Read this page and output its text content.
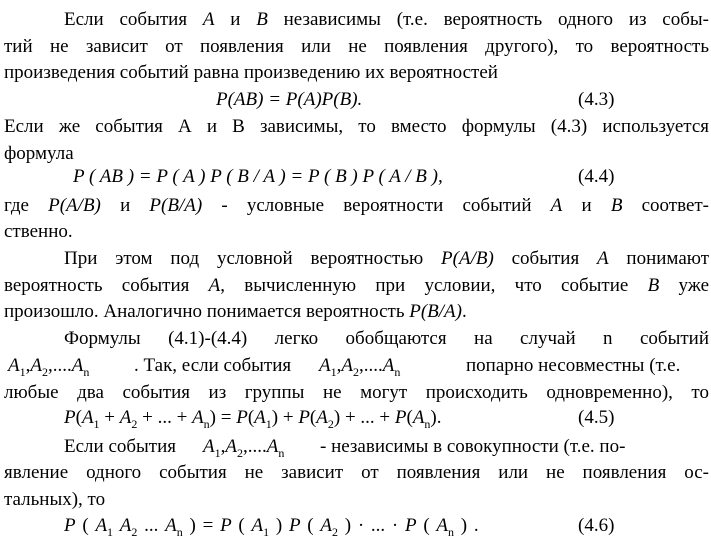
Если события A и B независимы (т.е. вероятность одного из собы-
тий не зависит от появления или не появления другого), то вероятность
произведения событий равна произведению их вероятностей
P(AB) = P(A)P(B).	(4.3)
Если же события А и В зависимы, то вместо формулы (4.3) используется
формула
P ( AB ) = P ( A ) P ( B / A ) = P ( B ) P ( A / B ),	(4.4)
где P(A/B) и P(B/A) - условные вероятности событий A и B соответ-
ственно.
При этом под условной вероятностью P(A/B) события A понимают
вероятность события A, вычисленную при условии, что событие B уже
произошло. Аналогично понимается вероятность P(B/A).
Формулы (4.1)-(4.4) легко обобщаются на случай n событий
$A_1,A_2,....A_n$ . Так, если события $A_1,A_2,....A_n$	попарно несовместны (т.е.
любые два события из группы не могут происходить одновременно), то
$P(A_1 + A_2$ + ... + $A_n) = P(A_1) + P(A_2)$ + ... + $P(A_n)$.	(4.5)
Если события $A_1,A_2,....A_n$ - независимы в совокупности (т.е. по-
явление одного события не зависит от появления или не появления ос-
тальных), то
P ( $A_1$ $A_2$ ... $A_n$ ) = P ( $A_1$ ) P ( $A_2$ ) · ... · P ( $A_n$ ) .	(4.6)
